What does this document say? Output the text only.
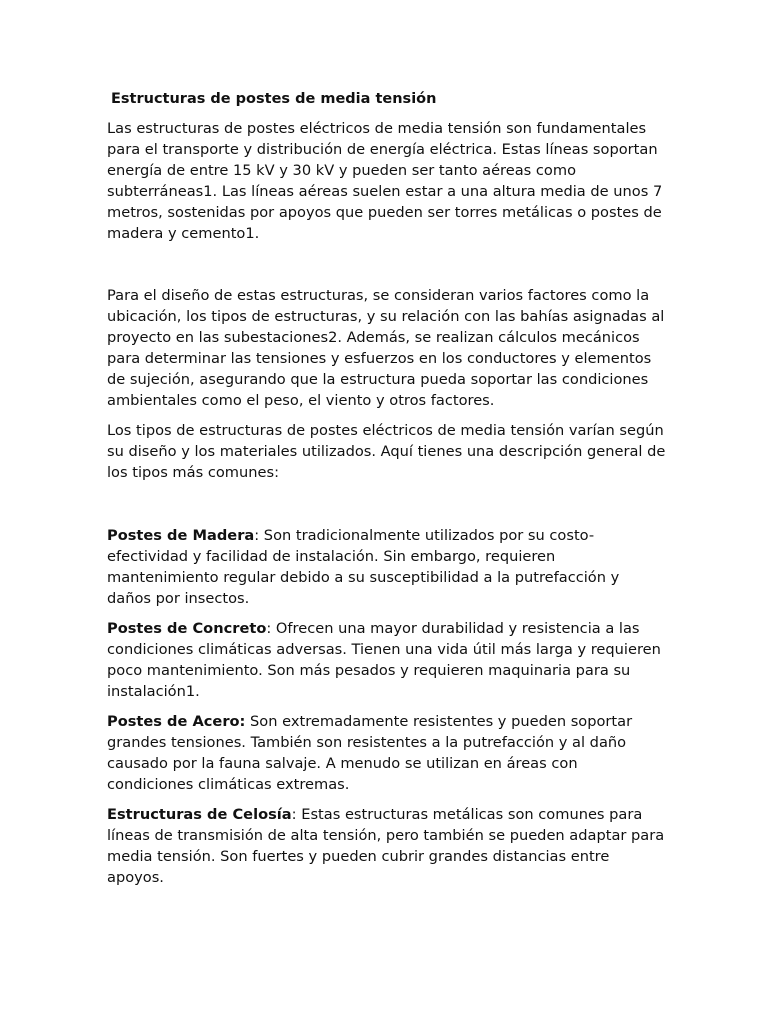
Estructuras de postes de media tensión

Las estructuras de postes eléctricos de media tensión son fundamentales para el transporte y distribución de energía eléctrica. Estas líneas soportan energía de entre 15 kV y 30 kV y pueden ser tanto aéreas como subterráneas1. Las líneas aéreas suelen estar a una altura media de unos 7 metros, sostenidas por apoyos que pueden ser torres metálicas o postes de madera y cemento1.

Para el diseño de estas estructuras, se consideran varios factores como la ubicación, los tipos de estructuras, y su relación con las bahías asignadas al proyecto en las subestaciones2. Además, se realizan cálculos mecánicos para determinar las tensiones y esfuerzos en los conductores y elementos de sujeción, asegurando que la estructura pueda soportar las condiciones ambientales como el peso, el viento y otros factores.

Los tipos de estructuras de postes eléctricos de media tensión varían según su diseño y los materiales utilizados. Aquí tienes una descripción general de los tipos más comunes:

Postes de Madera: Son tradicionalmente utilizados por su costo-efectividad y facilidad de instalación. Sin embargo, requieren mantenimiento regular debido a su susceptibilidad a la putrefacción y daños por insectos.

Postes de Concreto: Ofrecen una mayor durabilidad y resistencia a las condiciones climáticas adversas. Tienen una vida útil más larga y requieren poco mantenimiento. Son más pesados y requieren maquinaria para su instalación1.

Postes de Acero: Son extremadamente resistentes y pueden soportar grandes tensiones. También son resistentes a la putrefacción y al daño causado por la fauna salvaje. A menudo se utilizan en áreas con condiciones climáticas extremas.

Estructuras de Celosía: Estas estructuras metálicas son comunes para líneas de transmisión de alta tensión, pero también se pueden adaptar para media tensión. Son fuertes y pueden cubrir grandes distancias entre apoyos.
